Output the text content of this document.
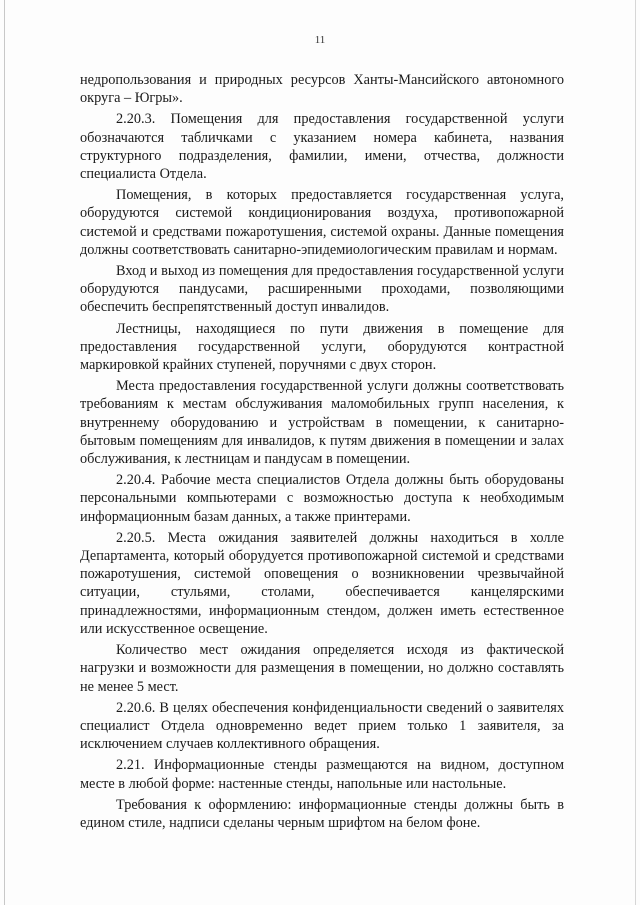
11

недропользования и природных ресурсов Ханты-Мансийского автономного округа – Югры».

2.20.3. Помещения для предоставления государственной услуги обозначаются табличками с указанием номера кабинета, названия структурного подразделения, фамилии, имени, отчества, должности специалиста Отдела.

Помещения, в которых предоставляется государственная услуга, оборудуются системой кондиционирования воздуха, противопожарной системой и средствами пожаротушения, системой охраны. Данные помещения должны соответствовать санитарно-эпидемиологическим правилам и нормам.

Вход и выход из помещения для предоставления государственной услуги оборудуются пандусами, расширенными проходами, позволяющими обеспечить беспрепятственный доступ инвалидов.

Лестницы, находящиеся по пути движения в помещение для предоставления государственной услуги, оборудуются контрастной маркировкой крайних ступеней, поручнями с двух сторон.

Места предоставления государственной услуги должны соответствовать требованиям к местам обслуживания маломобильных групп населения, к внутреннему оборудованию и устройствам в помещении, к санитарно-бытовым помещениям для инвалидов, к путям движения в помещении и залах обслуживания, к лестницам и пандусам в помещении.

2.20.4. Рабочие места специалистов Отдела должны быть оборудованы персональными компьютерами с возможностью доступа к необходимым информационным базам данных, а также принтерами.

2.20.5. Места ожидания заявителей должны находиться в холле Департамента, который оборудуется противопожарной системой и средствами пожаротушения, системой оповещения о возникновении чрезвычайной ситуации, стульями, столами, обеспечивается канцелярскими принадлежностями, информационным стендом, должен иметь естественное или искусственное освещение.

Количество мест ожидания определяется исходя из фактической нагрузки и возможности для размещения в помещении, но должно составлять не менее 5 мест.

2.20.6. В целях обеспечения конфиденциальности сведений о заявителях специалист Отдела одновременно ведет прием только 1 заявителя, за исключением случаев коллективного обращения.

2.21. Информационные стенды размещаются на видном, доступном месте в любой форме: настенные стенды, напольные или настольные.

Требования к оформлению: информационные стенды должны быть в едином стиле, надписи сделаны черным шрифтом на белом фоне.
